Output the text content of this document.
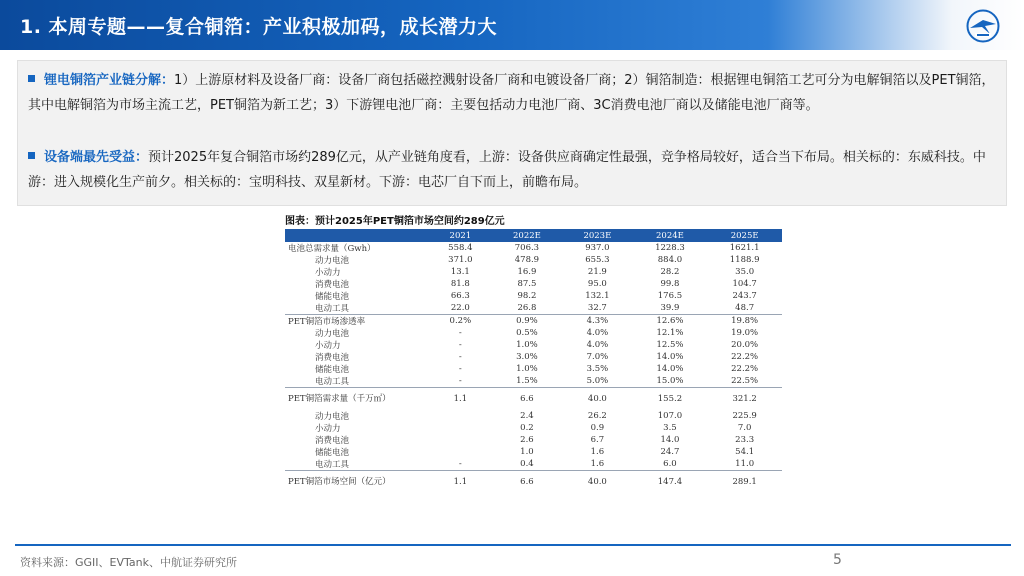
1. 本周专题——复合铜箔：产业积极加码，成长潜力大
锂电铜箔产业链分解：1）上游原材料及设备厂商：设备厂商包括磁控溅射设备厂商和电镀设备厂商；2）铜箔制造：根据锂电铜箔工艺可分为电解铜箔以及PET铜箔，其中电解铜箔为市场主流工艺，PET铜箔为新工艺；3）下游锂电池厂商：主要包括动力电池厂商、3C消费电池厂商以及储能电池厂商等。
设备端最先受益：预计2025年复合铜箔市场约289亿元，从产业链角度看，上游：设备供应商确定性最强，竞争格局较好，适合当下布局。相关标的：东威科技。中游：进入规模化生产前夕。相关标的：宝明科技、双星新材。下游：电芯厂自下而上，前瞻布局。
图表：预计2025年PET铜箔市场空间约289亿元
	2021	2022E	2023E	2024E	2025E
电池总需求量（Gwh）	558.4	706.3	937.0	1228.3	1621.1
动力电池	371.0	478.9	655.3	884.0	1188.9
小动力	13.1	16.9	21.9	28.2	35.0
消费电池	81.8	87.5	95.0	99.8	104.7
储能电池	66.3	98.2	132.1	176.5	243.7
电动工具	22.0	26.8	32.7	39.9	48.7
PET铜箔市场渗透率	0.2%	0.9%	4.3%	12.6%	19.8%
动力电池	-	0.5%	4.0%	12.1%	19.0%
小动力	-	1.0%	4.0%	12.5%	20.0%
消费电池	-	3.0%	7.0%	14.0%	22.2%
储能电池	-	1.0%	3.5%	14.0%	22.2%
电动工具	-	1.5%	5.0%	15.0%	22.5%
PET铜箔需求量（千万㎡）	1.1	6.6	40.0	155.2	321.2
动力电池		2.4	26.2	107.0	225.9
小动力		0.2	0.9	3.5	7.0
消费电池		2.6	6.7	14.0	23.3
储能电池		1.0	1.6	24.7	54.1
电动工具	-	0.4	1.6	6.0	11.0
PET铜箔市场空间（亿元）	1.1	6.6	40.0	147.4	289.1
资料来源：GGII、EVTank、中航证券研究所	5
